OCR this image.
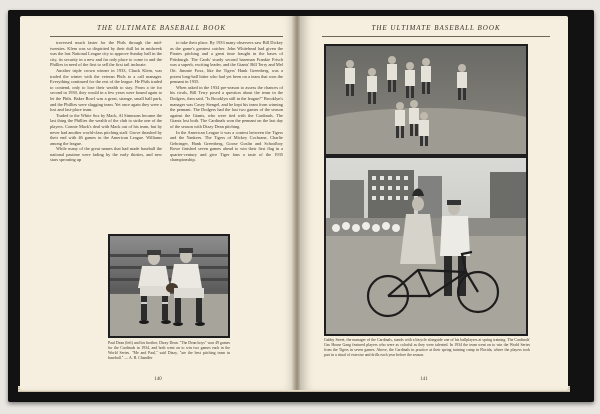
THE ULTIMATE BASEBALL BOOK

traversed much faster for the Phils through the mid-twenties. Klem was so dispirited by their dull lot in midweek was the last National League city to approve Sunday ball in the city, its security in a new and far only place to come to and the Phillies in need of the first to sell the first tail inchoate.

Another triple crown winner in 1933, Chuck Klein, was traded the winter with the veteran Phils to a call manager. Everything continued for the rest of the league. He Phils traded to contend, only to lose their wealth to stay. From a tie for second in 1930, they would in a few years were bound again to let the Phils. Baker Bowl was a great, strange, small ball park, and the Phillies were slugging team. Yet once again they were a lost and last-place team.

Traded to the White Sox by Mack, Al Simmons became the last thing the Phillies the wealth of the club to strike one of the players. Connie Mack's deal with Mack out of his team, but by never had another world-class pitching staff. Grove thrashed by their end with 46 games in the American League. Williams among the league.

While many of the great names that had made baseball the national pastime were fading by the early thirties, and new stars sprouting up

to take their place. By 1933 many observers saw Bill Dickey as the game's greatest catcher. John Whitehead had given the Pirates pitching and a great time fraught in the bases of Pittsburgh. The Cards' sturdy second baseman Frankie Frisch was a superb, exciting leader, and the Giants' Bill Terry and Mel Ott. Jimmie Foxx, like the Tigers' Hank Greenberg, was a potent long-ball hitter who had yet been on a team that won the pennant in 1935.

When asked in the 1934 pre-season to assess the chances of his rivals, Bill Terry posed a question about the team in the Dodgers, then said, "Is Brooklyn still in the league?" Brooklyn's manager was Casey Stengel, and he kept his team from winning the pennant. The Dodgers had the last two games of the season against the Giants, who were tied with the Cardinals. The Giants lost both. The Cardinals won the pennant on the last day of the season with Dizzy Dean pitching.

In the American League it was a contest between the Tigers and the Yankees. The Tigers of Mickey Cochrane, Charlie Gehringer, Hank Greenberg, Goose Goslin and Schoolboy Rowe finished seven games ahead to win their first flag in a quarter-century and give Tiger fans a taste of the 1935 championship.

Paul Dean (left) and his brother, Dizzy Dean. "The Dean boys" won 49 games for the Cardinals in 1934, and both went on to win two games each in the World Series. "Me and Paul," said Dizzy, "are the best pitching team in baseball." — A. B. Chandler
140
THE ULTIMATE BASEBALL BOOK
Gabby Street, the manager of the Cardinals, stands with a bicycle alongside one of his ballplayers at spring training. The Cardinals' Gas House Gang featured players who were as colorful as they were talented. In 1934 the team went on to win the World Series from the Tigers in seven games. Above, the Cardinals in practice at their spring training camp in Florida, where the players took part in a ritual of exercise and drills each year before the season.
141
